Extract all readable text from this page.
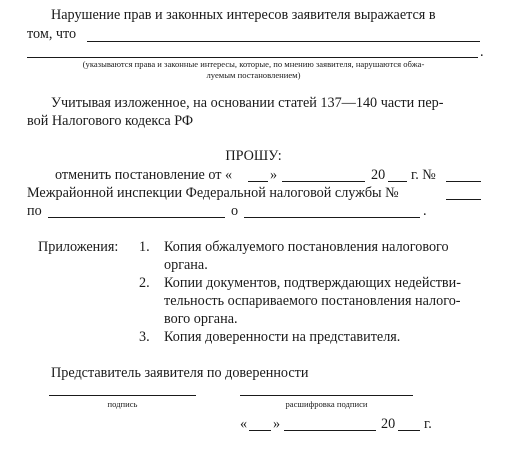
Нарушение прав и законных интересов заявителя выражается в
том, что
.
(указываются права и законные интересы, которые, по мнению заявителя, нарушаются обжа-
луемым постановлением)
Учитывая изложенное, на основании статей 137—140 части пер-
вой Налогового кодекса РФ
ПРОШУ:
отменить постановление от «	»	20 г. №
Межрайонной инспекции Федеральной налоговой службы №
по	о	.
Приложения: 1. Копия обжалуемого постановления налогового
органа.
2. Копии документов, подтверждающих недействи-
тельность оспариваемого постановления налого-
вого органа.
3. Копия доверенности на представителя.
Представитель заявителя по доверенности
подпись	расшифровка подписи
« »	20 г.
